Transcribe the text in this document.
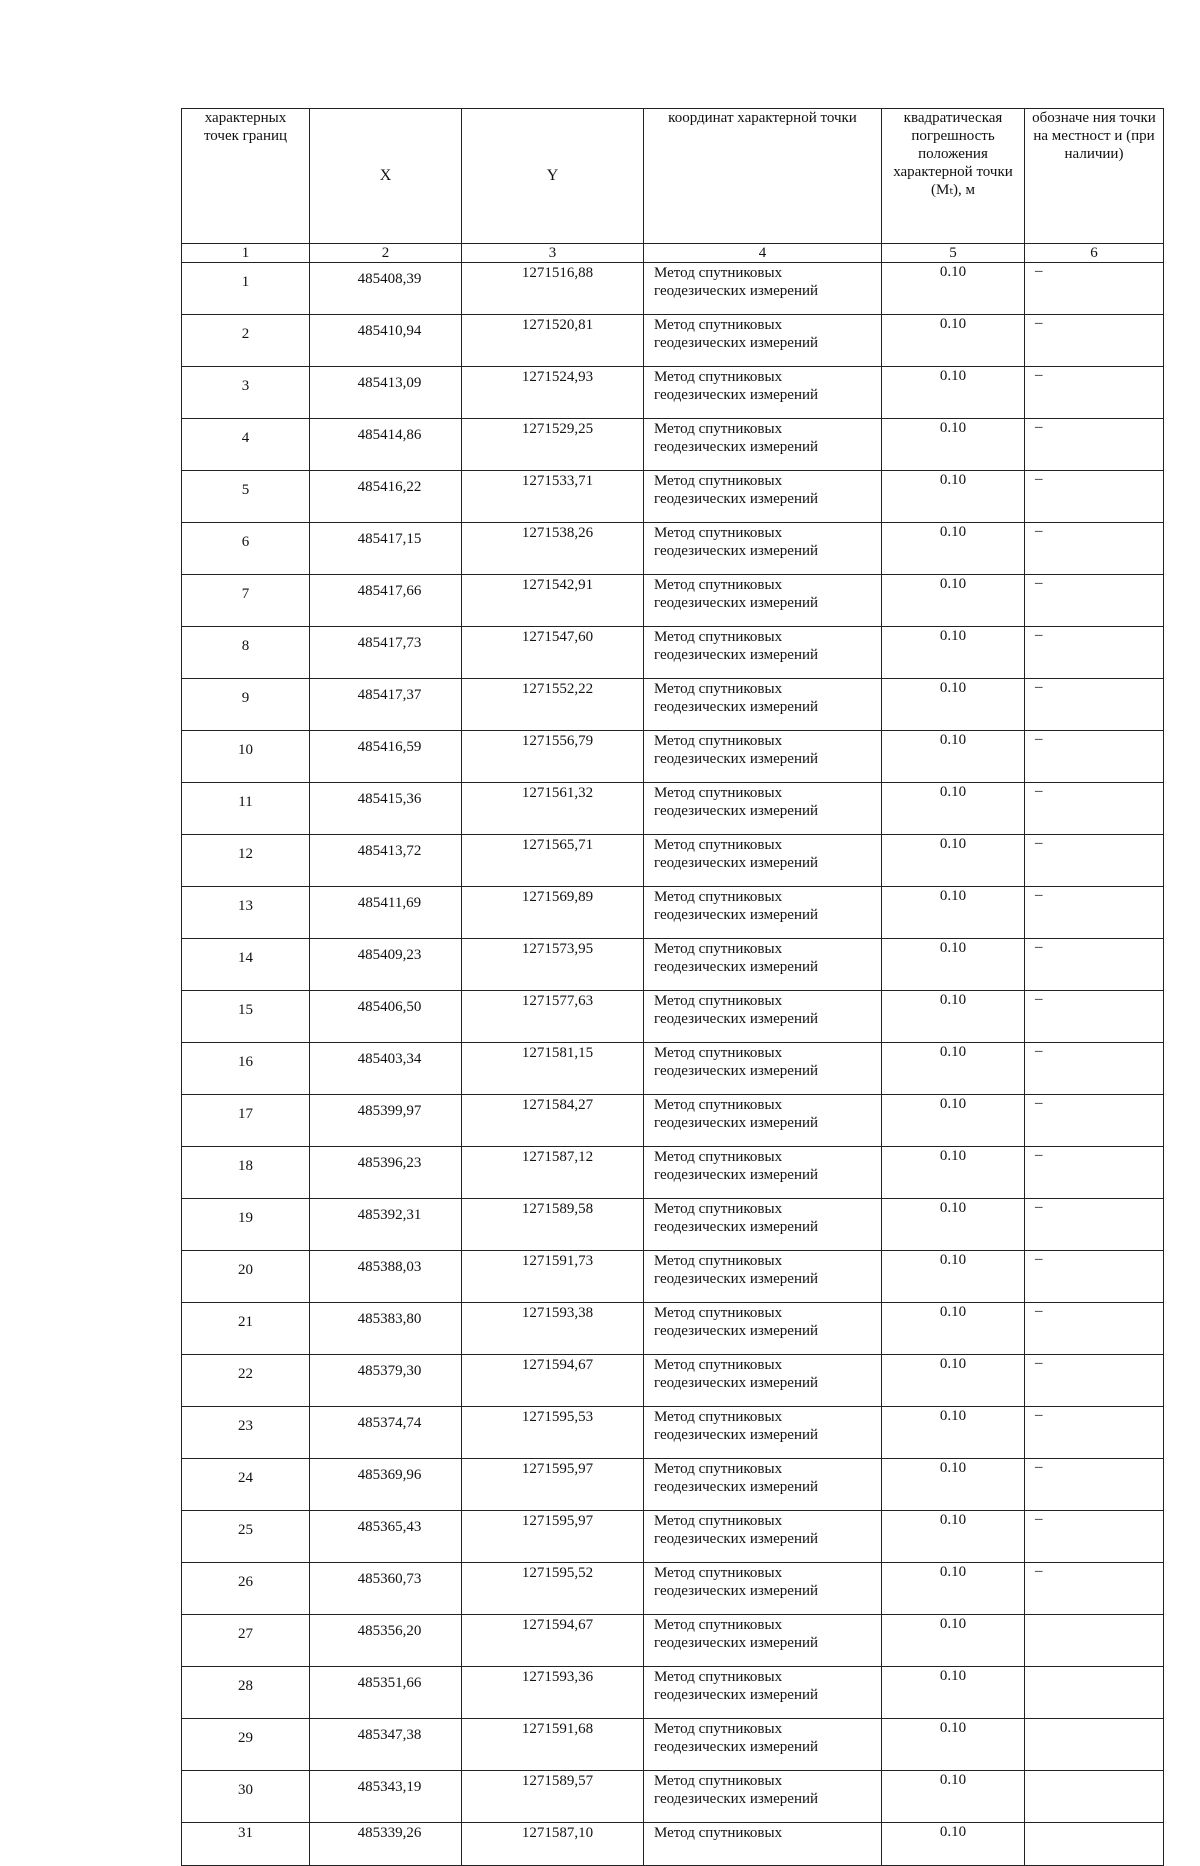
характерных точек границ	X	Y	координат характерной точки	квадратическая погрешность положения характерной точки (Mₜ), м	обозначе ния точки на местност и (при наличии)
1	2	3	4	5	6
1	485408,39	1271516,88	Метод спутниковых геодезических измерений	0.10	–
2	485410,94	1271520,81	Метод спутниковых геодезических измерений	0.10	–
3	485413,09	1271524,93	Метод спутниковых геодезических измерений	0.10	–
4	485414,86	1271529,25	Метод спутниковых геодезических измерений	0.10	–
5	485416,22	1271533,71	Метод спутниковых геодезических измерений	0.10	–
6	485417,15	1271538,26	Метод спутниковых геодезических измерений	0.10	–
7	485417,66	1271542,91	Метод спутниковых геодезических измерений	0.10	–
8	485417,73	1271547,60	Метод спутниковых геодезических измерений	0.10	–
9	485417,37	1271552,22	Метод спутниковых геодезических измерений	0.10	–
10	485416,59	1271556,79	Метод спутниковых геодезических измерений	0.10	–
11	485415,36	1271561,32	Метод спутниковых геодезических измерений	0.10	–
12	485413,72	1271565,71	Метод спутниковых геодезических измерений	0.10	–
13	485411,69	1271569,89	Метод спутниковых геодезических измерений	0.10	–
14	485409,23	1271573,95	Метод спутниковых геодезических измерений	0.10	–
15	485406,50	1271577,63	Метод спутниковых геодезических измерений	0.10	–
16	485403,34	1271581,15	Метод спутниковых геодезических измерений	0.10	–
17	485399,97	1271584,27	Метод спутниковых геодезических измерений	0.10	–
18	485396,23	1271587,12	Метод спутниковых геодезических измерений	0.10	–
19	485392,31	1271589,58	Метод спутниковых геодезических измерений	0.10	–
20	485388,03	1271591,73	Метод спутниковых геодезических измерений	0.10	–
21	485383,80	1271593,38	Метод спутниковых геодезических измерений	0.10	–
22	485379,30	1271594,67	Метод спутниковых геодезических измерений	0.10	–
23	485374,74	1271595,53	Метод спутниковых геодезических измерений	0.10	–
24	485369,96	1271595,97	Метод спутниковых геодезических измерений	0.10	–
25	485365,43	1271595,97	Метод спутниковых геодезических измерений	0.10	–
26	485360,73	1271595,52	Метод спутниковых геодезических измерений	0.10	–
27	485356,20	1271594,67	Метод спутниковых геодезических измерений	0.10	
28	485351,66	1271593,36	Метод спутниковых геодезических измерений	0.10	
29	485347,38	1271591,68	Метод спутниковых геодезических измерений	0.10	
30	485343,19	1271589,57	Метод спутниковых геодезических измерений	0.10	
31	485339,26	1271587,10	Метод спутниковых	0.10	
